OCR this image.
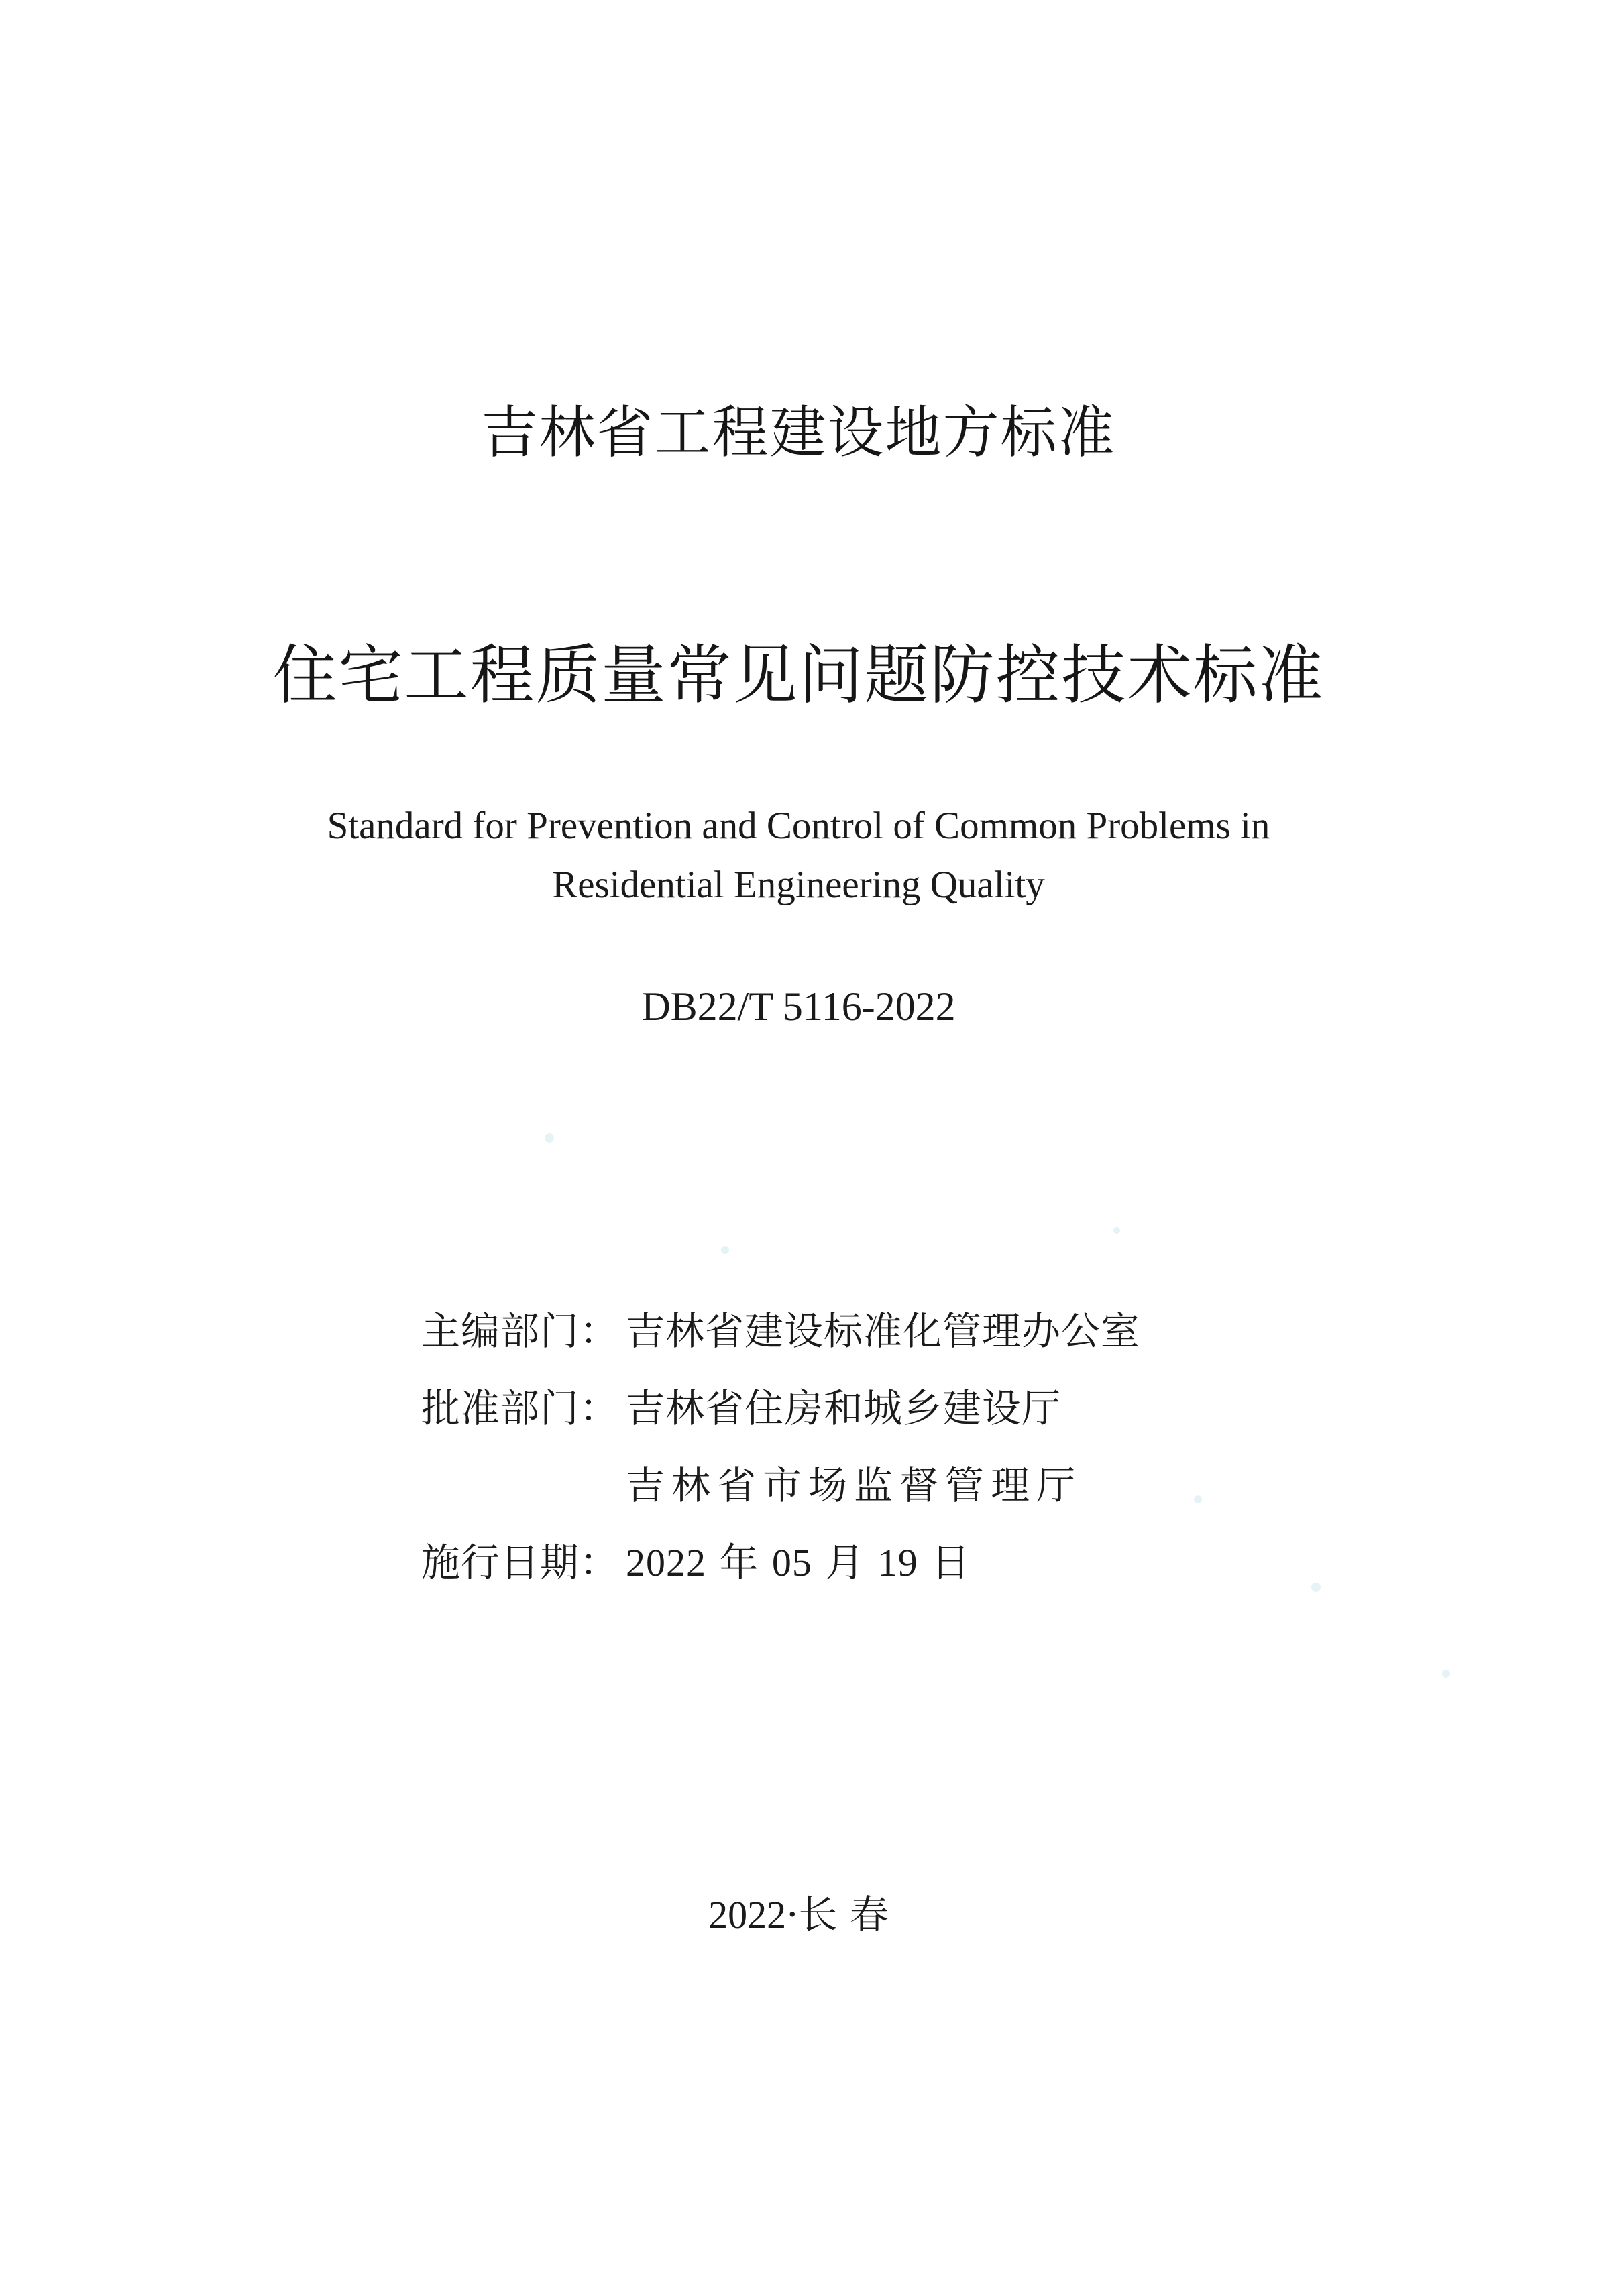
吉林省工程建设地方标准
住宅工程质量常见问题防控技术标准
Standard for Prevention and Control of Common Problems in
Residential Engineering Quality
DB22/T 5116-2022
主编部门： 吉林省建设标准化管理办公室
批准部门： 吉林省住房和城乡建设厅
吉林省市场监督管理厅
施行日期： 2022 年 05 月 19 日
2022·长 春
